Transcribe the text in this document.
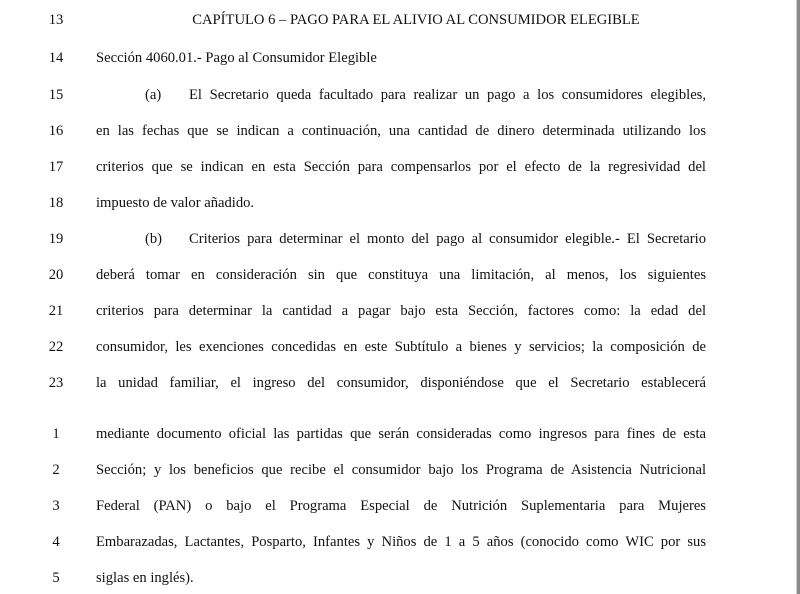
13	CAPÍTULO 6 – PAGO PARA EL ALIVIO AL CONSUMIDOR ELEGIBLE
14	Sección 4060.01.- Pago al Consumidor Elegible
15	(a)	El Secretario queda facultado para realizar un pago a los consumidores elegibles,
16	en las fechas que se indican a continuación, una cantidad de dinero determinada utilizando los
17	criterios que se indican en esta Sección para compensarlos por el efecto de la regresividad del
18	impuesto de valor añadido.
19	(b)	Criterios para determinar el monto del pago al consumidor elegible.- El Secretario
20	deberá tomar en consideración sin que constituya una limitación, al menos, los siguientes
21	criterios para determinar la cantidad a pagar bajo esta Sección, factores como: la edad del
22	consumidor, les exenciones concedidas en este Subtítulo a bienes y servicios; la composición de
23	la unidad familiar, el ingreso del consumidor, disponiéndose que el Secretario establecerá
1	mediante documento oficial las partidas que serán consideradas como ingresos para fines de esta
2	Sección; y los beneficios que recibe el consumidor bajo los Programa de Asistencia Nutricional
3	Federal (PAN) o bajo el Programa Especial de Nutrición Suplementaria para Mujeres
4	Embarazadas, Lactantes, Posparto, Infantes y Niños de 1 a 5 años (conocido como WIC por sus
5	siglas en inglés).
